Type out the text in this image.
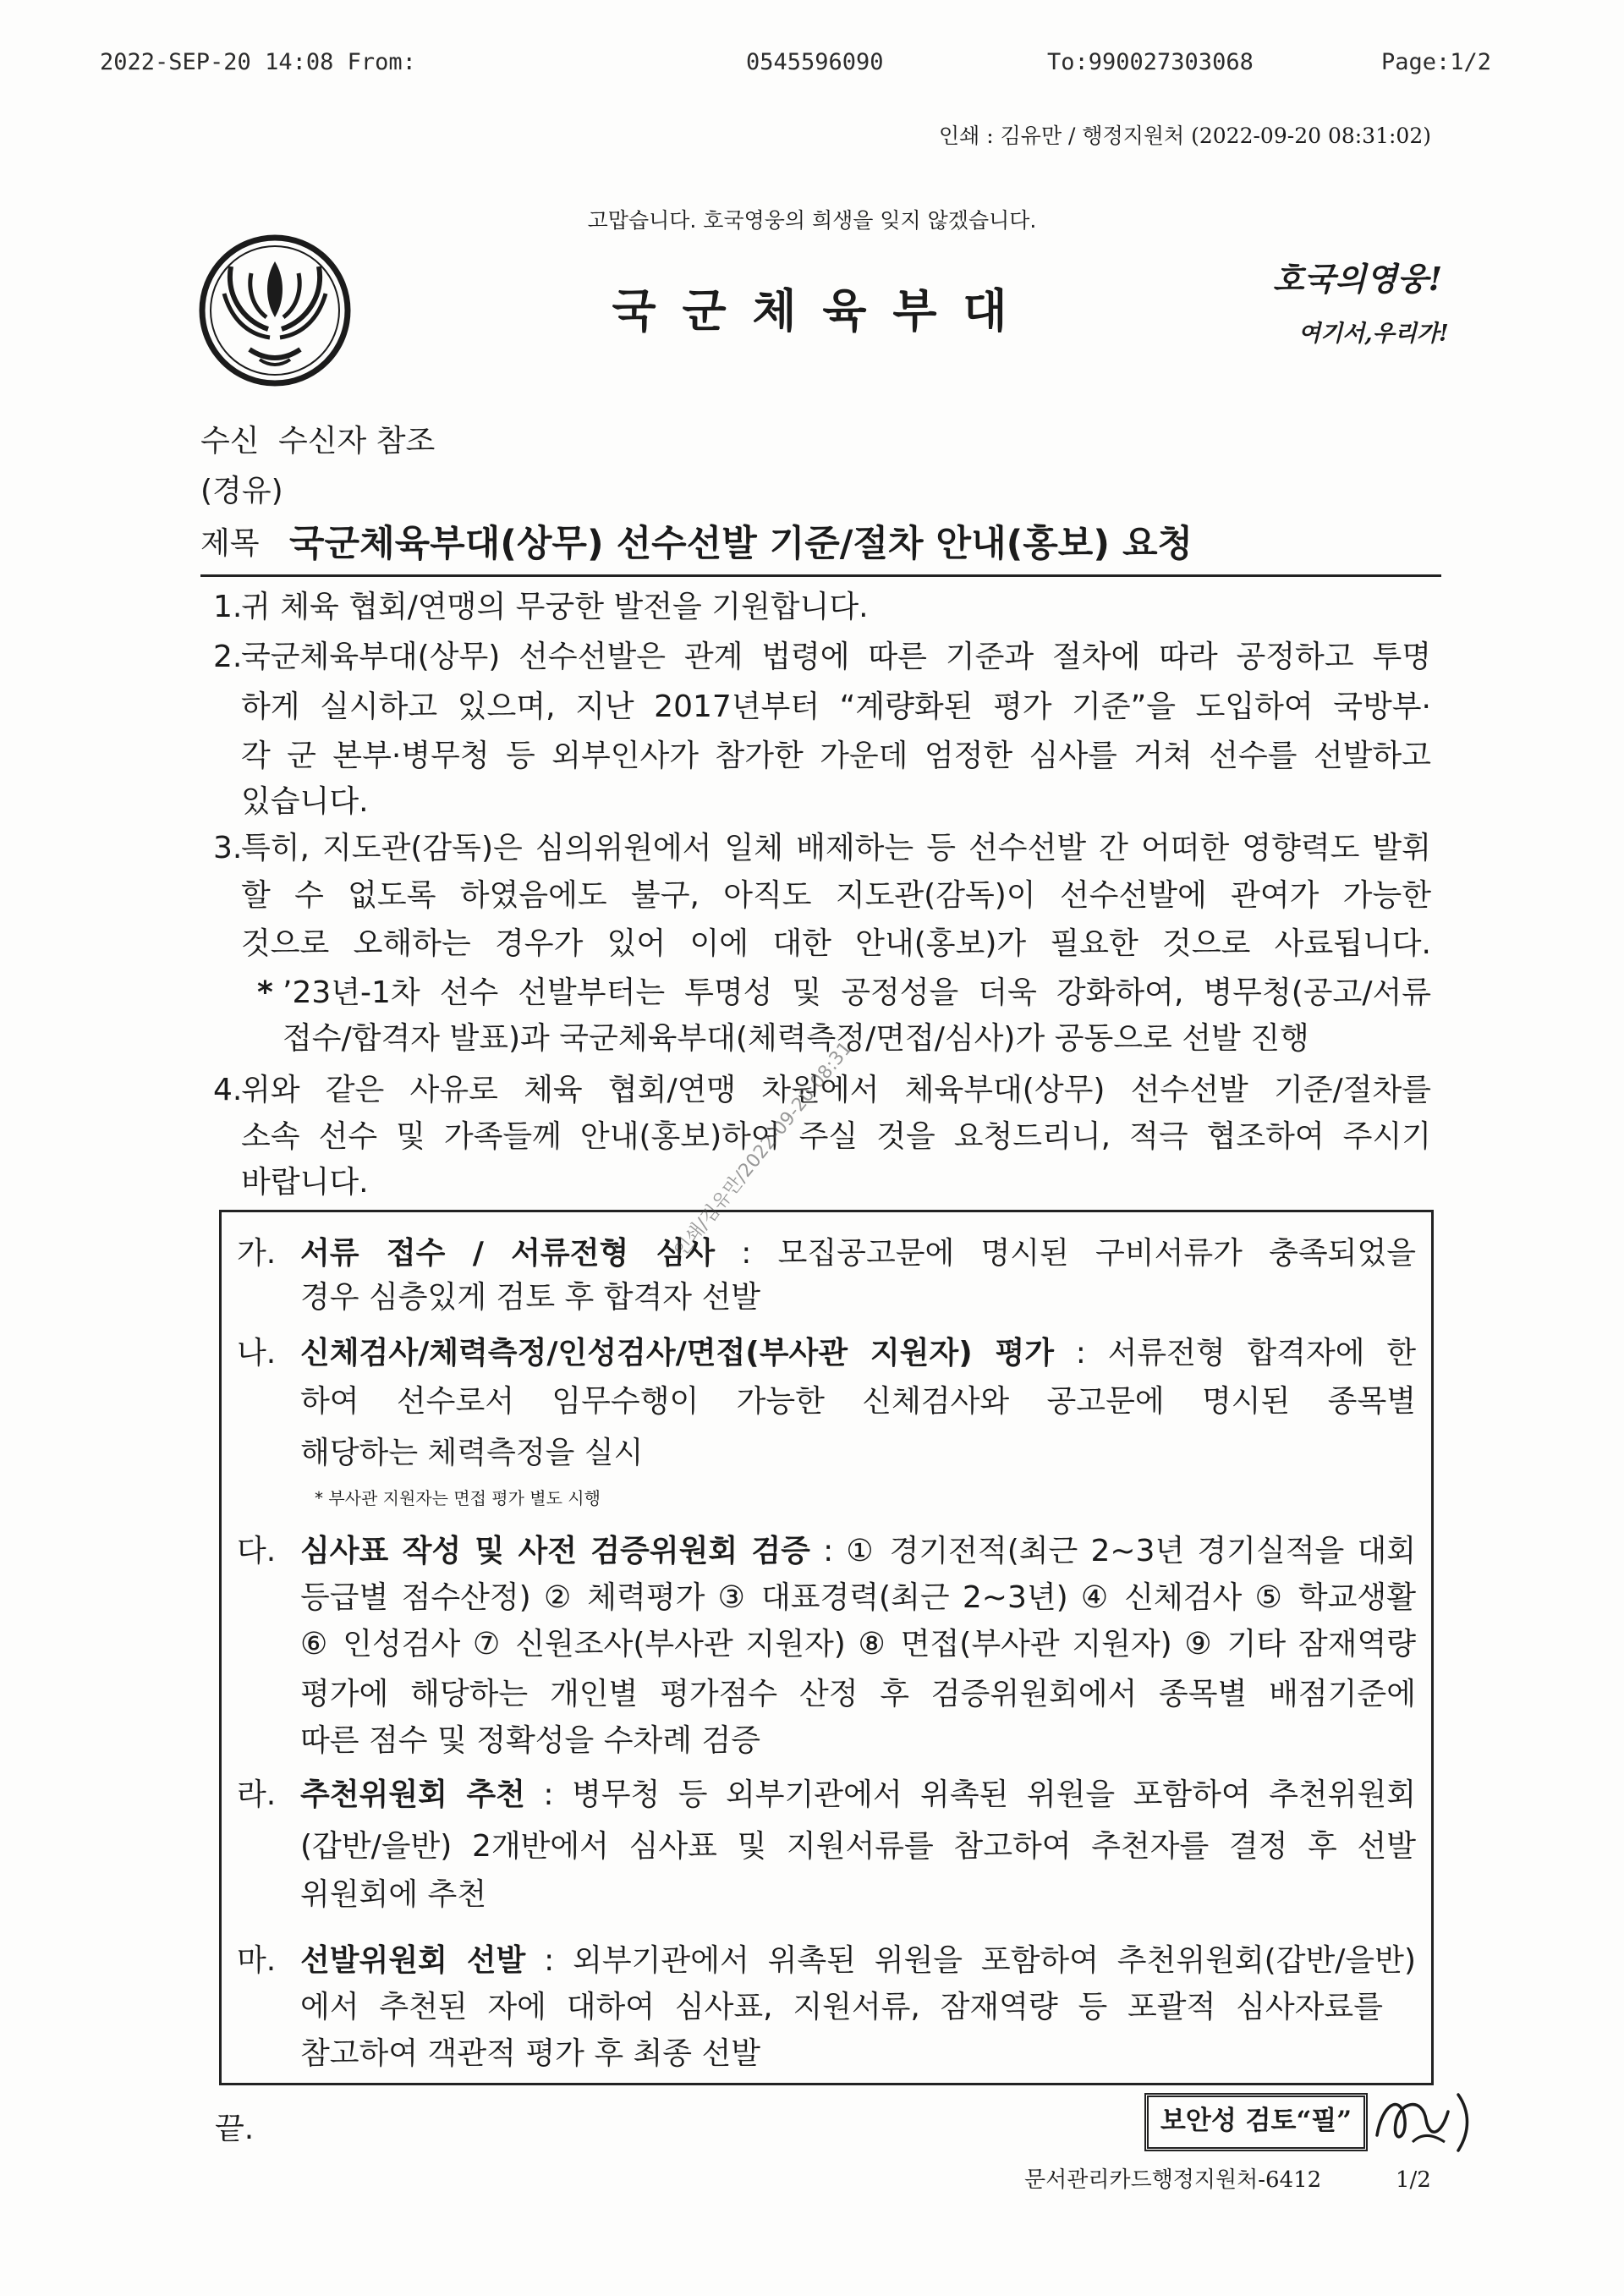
2022-SEP-20 14:08 From:	0545596090	To:990027303068	Page:1/2
인쇄 : 김유만 / 행정지원처 (2022-09-20 08:31:02)
고맙습니다. 호국영웅의 희생을 잊지 않겠습니다.
국 군 체 육 부 대
호국의영웅!
여기서,우리가!
수신 수신자 참조
(경유)
제목 국군체육부대(상무) 선수선발 기준/절차 안내(홍보) 요청
1.
귀 체육 협회/연맹의 무궁한 발전을 기원합니다.
2.
국군체육부대(상무) 선수선발은 관계 법령에 따른 기준과 절차에 따라 공정하고 투명
하게 실시하고 있으며, 지난 2017년부터 “계량화된 평가 기준”을 도입하여 국방부·
각 군 본부·병무청 등 외부인사가 참가한 가운데 엄정한 심사를 거쳐 선수를 선발하고
있습니다.
3.
특히, 지도관(감독)은 심의위원에서 일체 배제하는 등 선수선발 간 어떠한 영향력도 발휘
할 수 없도록 하였음에도 불구, 아직도 지도관(감독)이 선수선발에 관여가 가능한
것으로 오해하는 경우가 있어 이에 대한 안내(홍보)가 필요한 것으로 사료됩니다.
* ’23년-1차 선수 선발부터는 투명성 및 공정성을 더욱 강화하여, 병무청(공고/서류
접수/합격자 발표)과 국군체육부대(체력측정/면접/심사)가 공동으로 선발 진행
4.
위와 같은 사유로 체육 협회/연맹 차원에서 체육부대(상무) 선수선발 기준/절차를
소속 선수 및 가족들께 안내(홍보)하여 주실 것을 요청드리니, 적극 협조하여 주시기
바랍니다.
가. 서류 접수 / 서류전형 심사 : 모집공고문에 명시된 구비서류가 충족되었을
경우 심층있게 검토 후 합격자 선발
나. 신체검사/체력측정/인성검사/면접(부사관 지원자) 평가 : 서류전형 합격자에 한
하여 선수로서 임무수행이 가능한 신체검사와 공고문에 명시된 종목별
해당하는 체력측정을 실시
* 부사관 지원자는 면접 평가 별도 시행
다. 심사표 작성 및 사전 검증위원회 검증 : ① 경기전적(최근 2~3년 경기실적을 대회
등급별 점수산정) ② 체력평가 ③ 대표경력(최근 2~3년) ④ 신체검사 ⑤ 학교생활
⑥ 인성검사 ⑦ 신원조사(부사관 지원자) ⑧ 면접(부사관 지원자) ⑨ 기타 잠재역량
평가에 해당하는 개인별 평가점수 산정 후 검증위원회에서 종목별 배점기준에
따른 점수 및 정확성을 수차례 검증
라. 추천위원회 추천 : 병무청 등 외부기관에서 위촉된 위원을 포함하여 추천위원회
(갑반/을반) 2개반에서 심사표 및 지원서류를 참고하여 추천자를 결정 후 선발
위원회에 추천
마. 선발위원회 선발 : 외부기관에서 위촉된 위원을 포함하여 추천위원회(갑반/을반)
에서 추천된 자에 대하여 심사표, 지원서류, 잠재역량 등 포괄적 심사자료를
참고하여 객관적 평가 후 최종 선발
인쇄/김유만/2022-09-20 08:31
끝.	보안성 검토“필”
문서관리카드행정지원처-6412	1/2
